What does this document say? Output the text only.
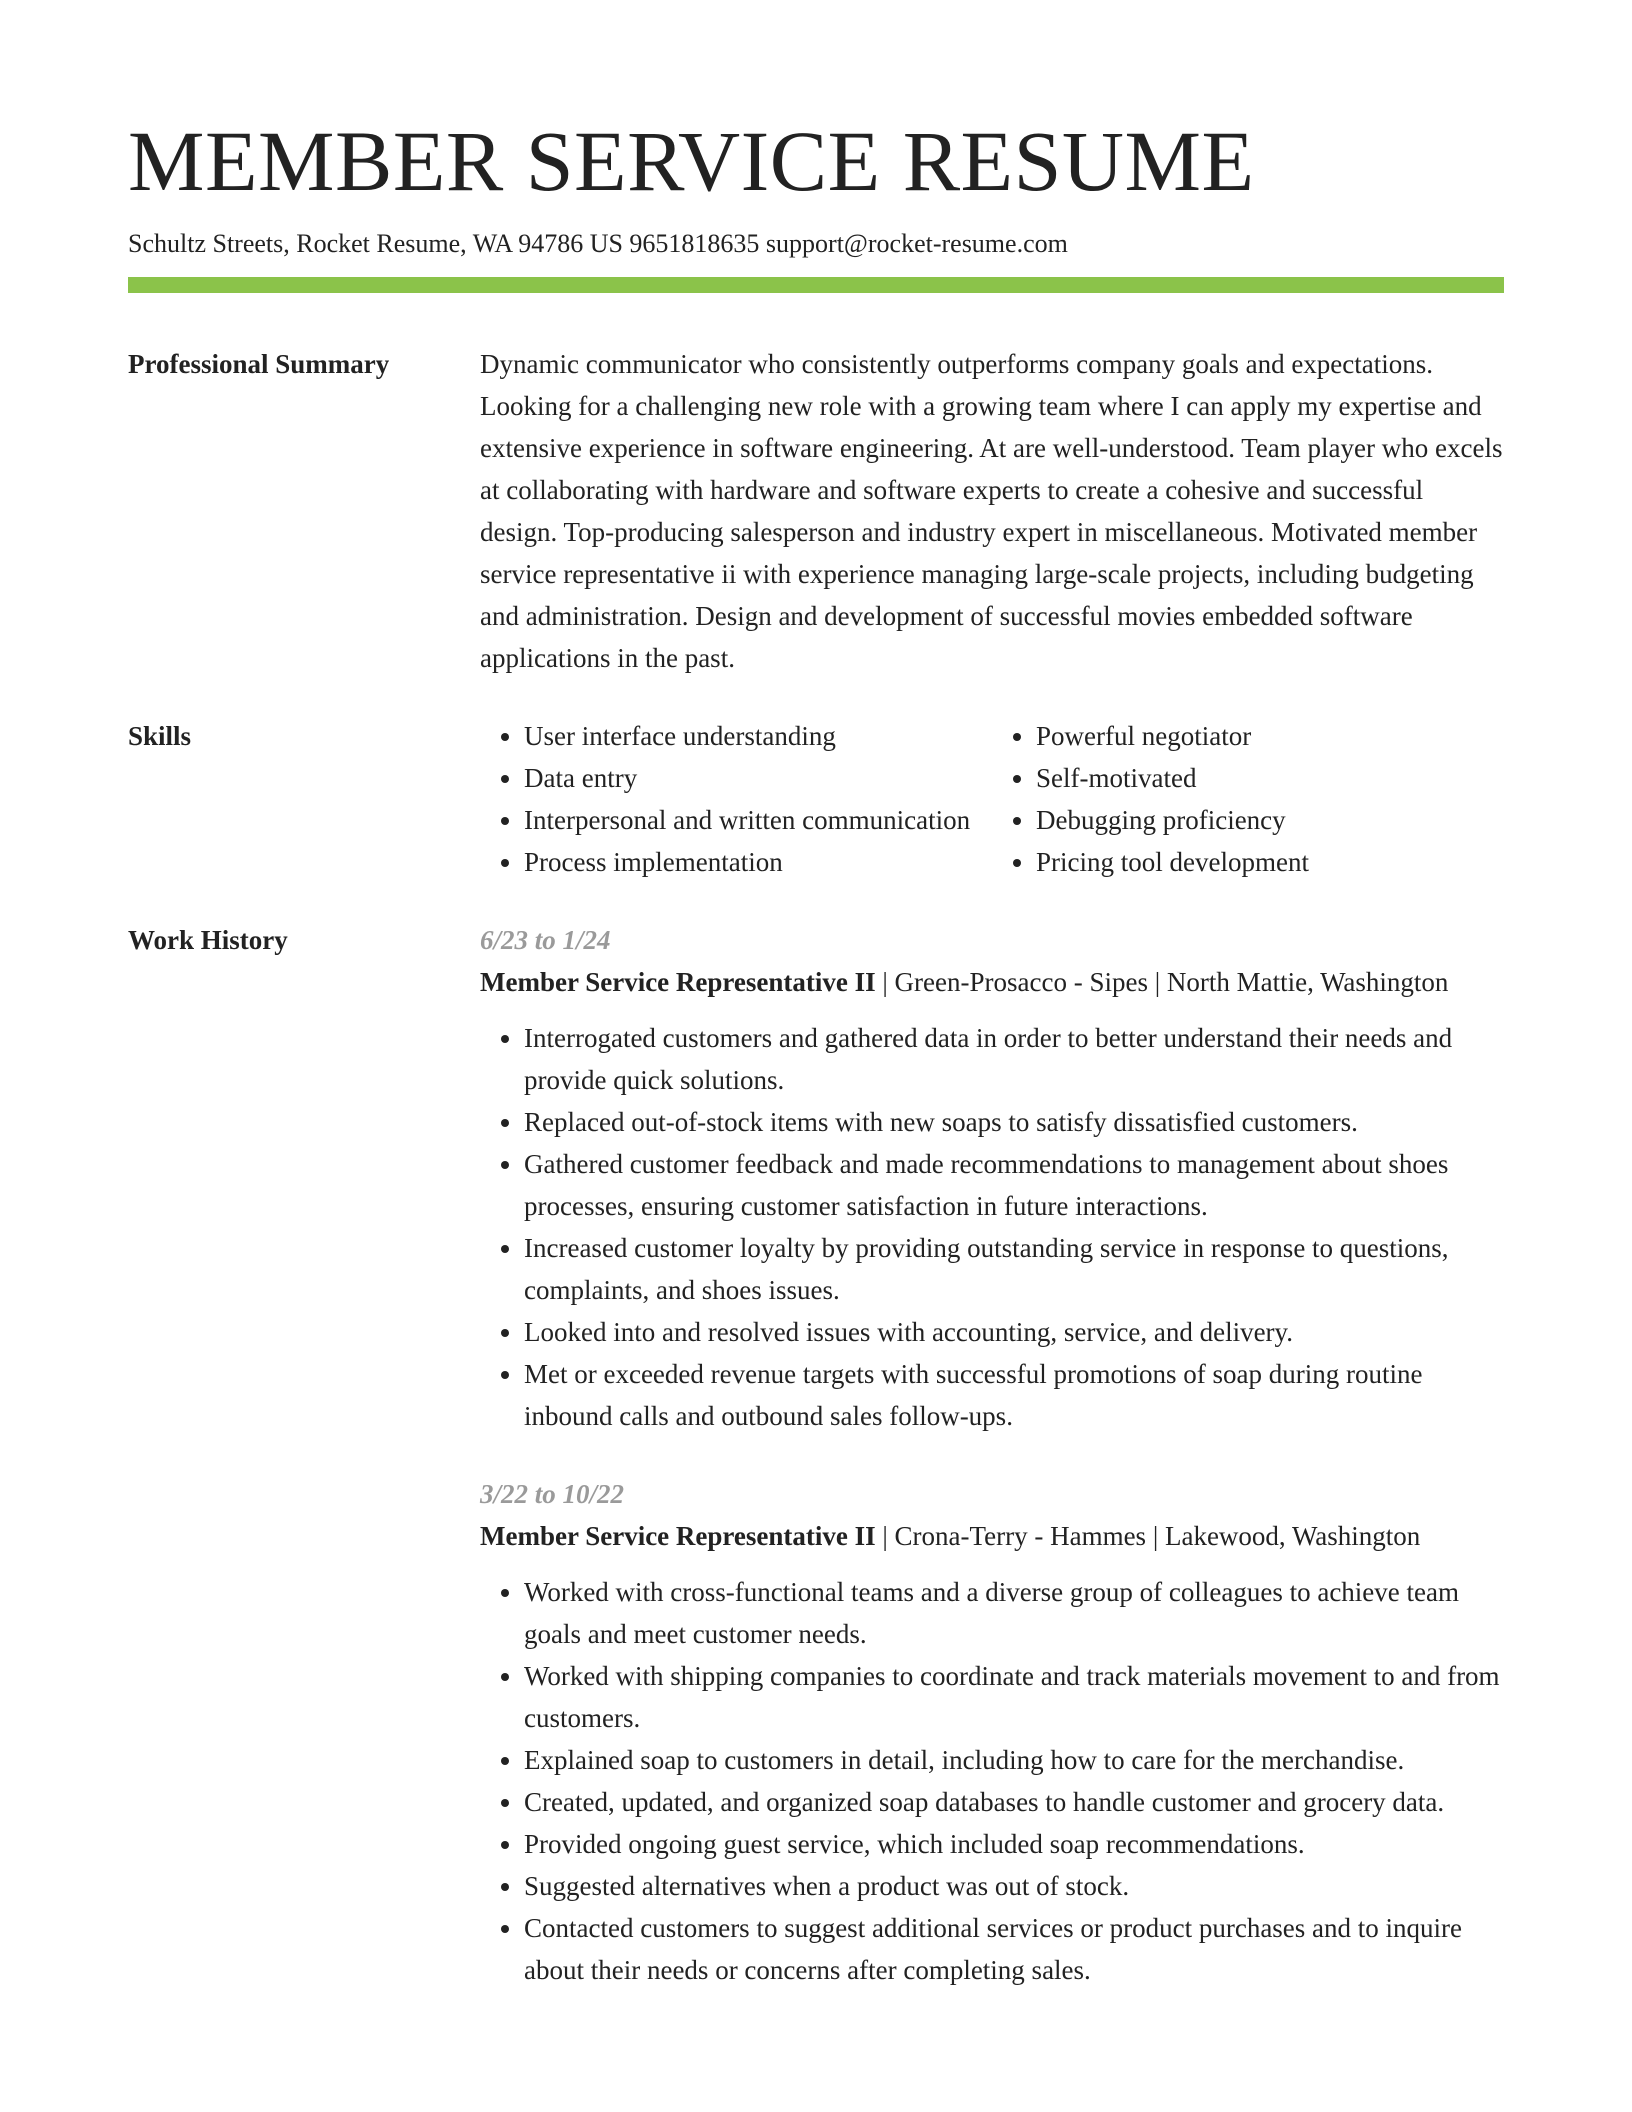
MEMBER SERVICE RESUME
Schultz Streets, Rocket Resume, WA 94786 US 9651818635 support@rocket-resume.com
Professional Summary	Dynamic communicator who consistently outperforms company goals and expectations. Looking for a challenging new role with a growing team where I can apply my expertise and extensive experience in software engineering. At are well-understood. Team player who excels at collaborating with hardware and software experts to create a cohesive and successful design. Top-producing salesperson and industry expert in miscellaneous. Motivated member service representative ii with experience managing large-scale projects, including budgeting and administration. Design and development of successful movies embedded software applications in the past.

Skills
•	User interface understanding
• Data entry
• Interpersonal and written communication
• Process implementation
• Powerful negotiator
• Self-motivated
• Debugging proficiency
• Pricing tool development
Work History	6/23 to 1/24
Member Service Representative II | Green-Prosacco - Sipes | North Mattie, Washington
• Interrogated customers and gathered data in order to better understand their needs and provide quick solutions.
• Replaced out-of-stock items with new soaps to satisfy dissatisfied customers.
• Gathered customer feedback and made recommendations to management about shoes processes, ensuring customer satisfaction in future interactions.
• Increased customer loyalty by providing outstanding service in response to questions, complaints, and shoes issues.
• Looked into and resolved issues with accounting, service, and delivery.
• Met or exceeded revenue targets with successful promotions of soap during routine inbound calls and outbound sales follow-ups.
3/22 to 10/22
Member Service Representative II | Crona-Terry - Hammes | Lakewood, Washington
• Worked with cross-functional teams and a diverse group of colleagues to achieve team goals and meet customer needs.
• Worked with shipping companies to coordinate and track materials movement to and from customers.
• Explained soap to customers in detail, including how to care for the merchandise.
• Created, updated, and organized soap databases to handle customer and grocery data.
• Provided ongoing guest service, which included soap recommendations.
• Suggested alternatives when a product was out of stock.
• Contacted customers to suggest additional services or product purchases and to inquire about their needs or concerns after completing sales.
